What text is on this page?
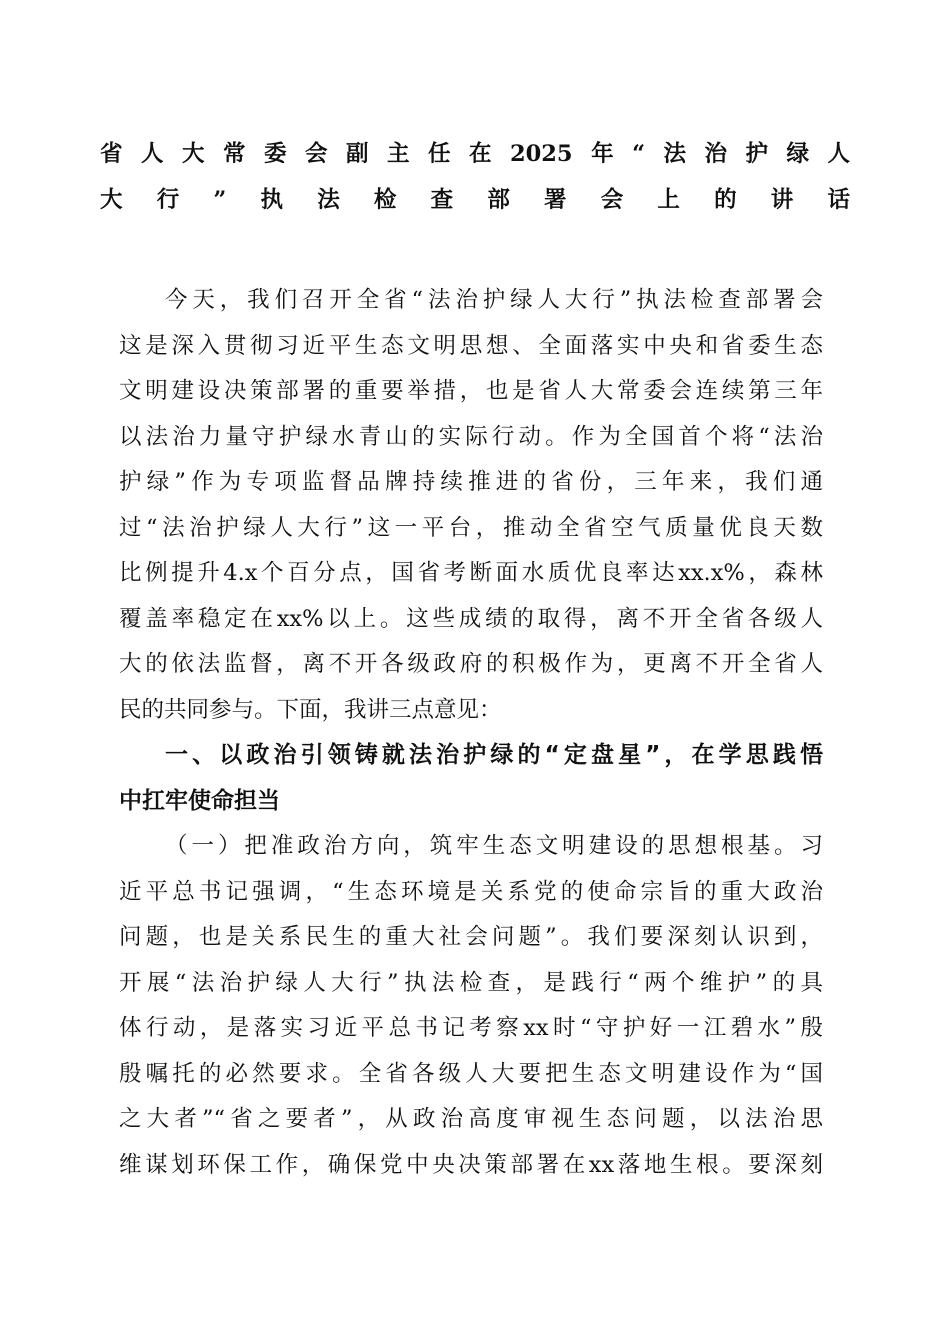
省人大常委会副主任在2025年“法治护绿人
大行”执法检查部署会上的讲话
今天，我们召开全省“法治护绿人大行”执法检查部署会
这是深入贯彻习近平生态文明思想、全面落实中央和省委生态
文明建设决策部署的重要举措，也是省人大常委会连续第三年
以法治力量守护绿水青山的实际行动。作为全国首个将“法治
护绿”作为专项监督品牌持续推进的省份，三年来，我们通
过“法治护绿人大行”这一平台，推动全省空气质量优良天数
比例提升4.x个百分点，国省考断面水质优良率达xx.x%，森林
覆盖率稳定在xx%以上。这些成绩的取得，离不开全省各级人
大的依法监督，离不开各级政府的积极作为，更离不开全省人
民的共同参与。下面，我讲三点意见：
一、以政治引领铸就法治护绿的“定盘星”，在学思践悟
中扛牢使命担当
（一）把准政治方向，筑牢生态文明建设的思想根基。习
近平总书记强调，“生态环境是关系党的使命宗旨的重大政治
问题，也是关系民生的重大社会问题”。我们要深刻认识到，
开展“法治护绿人大行”执法检查，是践行“两个维护”的具
体行动，是落实习近平总书记考察xx时“守护好一江碧水”殷
殷嘱托的必然要求。全省各级人大要把生态文明建设作为“国
之大者”“省之要者”，从政治高度审视生态问题，以法治思
维谋划环保工作，确保党中央决策部署在xx落地生根。要深刻
